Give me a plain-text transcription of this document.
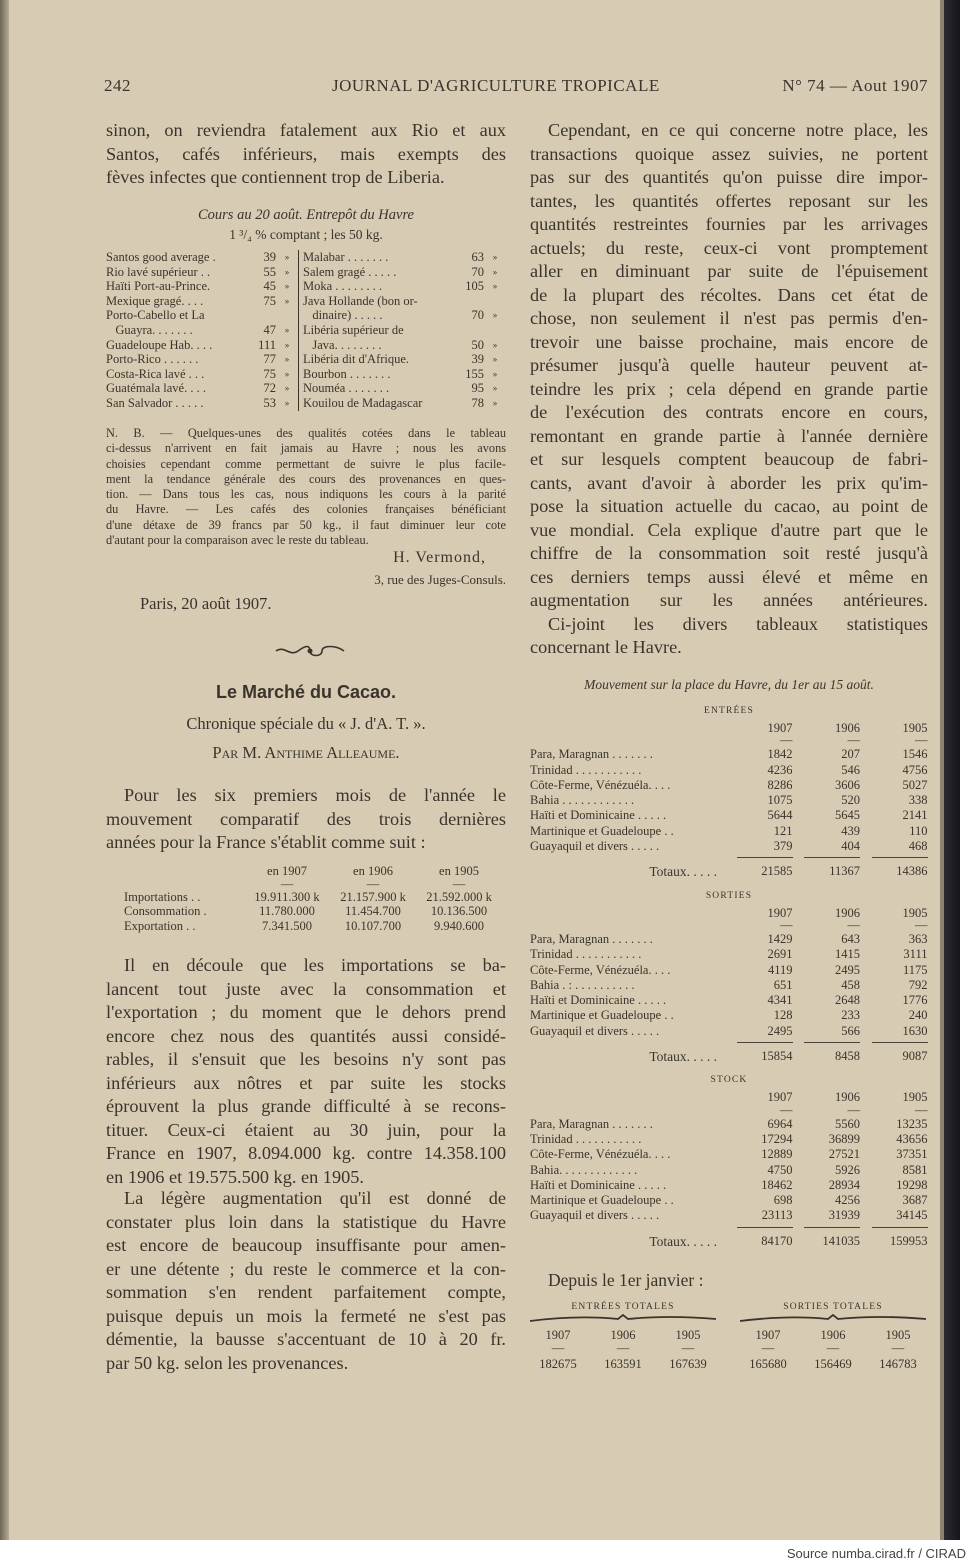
242	JOURNAL D'AGRICULTURE TROPICALE	N° 74 — Aout 1907
sinon, on reviendra fatalement aux Rio et aux
Santos, cafés inférieurs, mais exempts des
fèves infectes que contiennent trop de Liberia.
Cours au 20 août. Entrepôt du Havre
1 ³/₄ % comptant ; les 50 kg.
Santos good average .	39	»	Malabar . . . . . . .	63	»
Rio lavé supérieur . .	55	»	Salem gragé . . . . .	70	»
Haïti Port-au-Prince.	45	»	Moka . . . . . . . .	105	»
Mexique gragé. . . .	75	»	Java Hollande (bon or-		
Porto-Cabello et La			dinaire) . . . . .	70	»
Guayra. . . . . . .	47	»	Libéria supérieur de		
Guadeloupe Hab. . . .	111	»	Java. . . . . . . .	50	»
Porto-Rico . . . . . .	77	»	Libéria dit d'Afrique.	39	»
Costa-Rica lavé . . .	75	»	Bourbon . . . . . . .	155	»
Guatémala lavé. . . .	72	»	Nouméa . . . . . . .	95	»
San Salvador . . . . .	53	»	Kouilou de Madagascar	78	»
N. B. — Quelques-unes des qualités cotées dans le tableau
ci-dessus n'arrivent en fait jamais au Havre ; nous les avons
choisies cependant comme permettant de suivre le plus facile-
ment la tendance générale des cours des provenances en ques-
tion. — Dans tous les cas, nous indiquons les cours à la parité
du Havre. — Les cafés des colonies françaises bénéficiant
d'une détaxe de 39 francs par 50 kg., il faut diminuer leur cote
d'autant pour la comparaison avec le reste du tableau.
H. Vermond,
3, rue des Juges-Consuls.
Paris, 20 août 1907.
Le Marché du Cacao.
Chronique spéciale du « J. d'A. T. ».
Par M. Anthime Alleaume.
Pour les six premiers mois de l'année le
mouvement comparatif des trois dernières
années pour la France s'établit comme suit :
	en 1907	en 1906	en 1905
	—	—	—
Importations . .	19.911.300 k	21.157.900 k	21.592.000 k
Consommation .	11.780.000	11.454.700	10.136.500
Exportation . .	7.341.500	10.107.700	9.940.600
Il en découle que les importations se ba-
lancent tout juste avec la consommation et
l'exportation ; du moment que le dehors prend
encore chez nous des quantités aussi considé-
rables, il s'ensuit que les besoins n'y sont pas
inférieurs aux nôtres et par suite les stocks
éprouvent la plus grande difficulté à se recons-
tituer. Ceux-ci étaient au 30 juin, pour la
France en 1907, 8.094.000 kg. contre 14.358.100
en 1906 et 19.575.500 kg. en 1905.
La légère augmentation qu'il est donné de
constater plus loin dans la statistique du Havre
est encore de beaucoup insuffisante pour amen-
er une détente ; du reste le commerce et la con-
sommation s'en rendent parfaitement compte,
puisque depuis un mois la fermeté ne s'est pas
démentie, la bausse s'accentuant de 10 à 20 fr.
par 50 kg. selon les provenances.
Cependant, en ce qui concerne notre place, les
transactions quoique assez suivies, ne portent
pas sur des quantités qu'on puisse dire impor-
tantes, les quantités offertes reposant sur les
quantités restreintes fournies par les arrivages
actuels; du reste, ceux-ci vont promptement
aller en diminuant par suite de l'épuisement
de la plupart des récoltes. Dans cet état de
chose, non seulement il n'est pas permis d'en-
trevoir une baisse prochaine, mais encore de
présumer jusqu'à quelle hauteur peuvent at-
teindre les prix ; cela dépend en grande partie
de l'exécution des contrats encore en cours,
remontant en grande partie à l'année dernière
et sur lesquels comptent beaucoup de fabri-
cants, avant d'avoir à aborder les prix qu'im-
pose la situation actuelle du cacao, au point de
vue mondial. Cela explique d'autre part que le
chiffre de la consommation soit resté jusqu'à
ces derniers temps aussi élevé et même en
augmentation sur les années antérieures.
Ci-joint les divers tableaux statistiques
concernant le Havre.
Mouvement sur la place du Havre, du 1er au 15 août.
ENTRÉES
1907	1906	1905
—	—	—
Para, Maragnan . . . . . . .	1842	207	1546
Trinidad . . . . . . . . . . .	4236	546	4756
Côte-Ferme, Vénézuéla. . . .	8286	3606	5027
Bahia . . . . . . . . . . . .	1075	520	338
Haïti et Dominicaine . . . . .	5644	5645	2141
Martinique et Guadeloupe . .	121	439	110
Guayaquil et divers . . . . .	379	404	468
Totaux. . . . .	21585	11367	14386
SORTIES
1907	1906	1905
—	—	—
Para, Maragnan . . . . . . .	1429	643	363
Trinidad . . . . . . . . . . .	2691	1415	3111
Côte-Ferme, Vénézuéla. . . .	4119	2495	1175
Bahia . : . . . . . . . . . .	651	458	792
Haïti et Dominicaine . . . . .	4341	2648	1776
Martinique et Guadeloupe . .	128	233	240
Guayaquil et divers . . . . .	2495	566	1630
Totaux. . . . .	15854	8458	9087
STOCK
1907	1906	1905
—	—	—
Para, Maragnan . . . . . . .	6964	5560	13235
Trinidad . . . . . . . . . . .	17294	36899	43656
Côte-Ferme, Vénézuéla. . . .	12889	27521	37351
Bahia. . . . . . . . . . . . .	4750	5926	8581
Haïti et Dominicaine . . . . .	18462	28934	19298
Martinique et Guadeloupe . .	698	4256	3687
Guayaquil et divers . . . . .	23113	31939	34145
Totaux. . . . .	84170	141035	159953
Depuis le 1er janvier :
ENTRÉES TOTALES
1907	1906	1905
—	—	—
182675	163591	167639
SORTIES TOTALES
1907	1906	1905
—	—	—
165680	156469	146783
Source numba.cirad.fr / CIRAD
